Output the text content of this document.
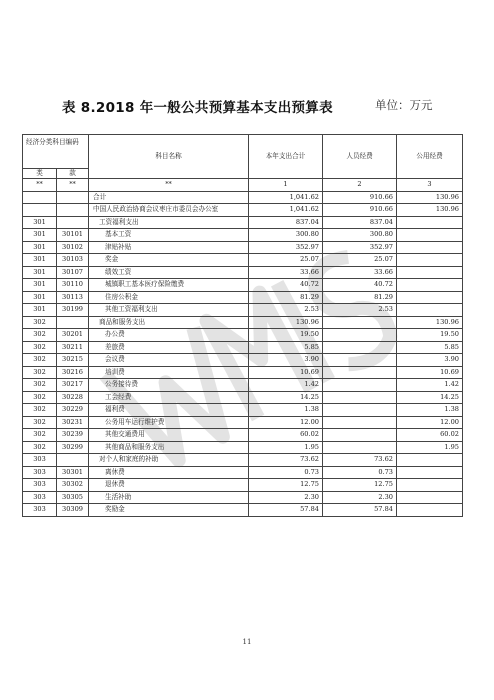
表 8.2018 年一般公共预算基本支出预算表	单位：万元
经济分类科目编码		科目名称	本年支出合计	人员经费	公用经费
类	款				
**	**	**	1	2	3
		合计	1,041.62	910.66	130.96
		中国人民政治协商会议枣庄市委员会办公室	1,041.62	910.66	130.96
301		工资福利支出	837.04	837.04	
301	30101	基本工资	300.80	300.80	
301	30102	津贴补贴	352.97	352.97	
301	30103	奖金	25.07	25.07	
301	30107	绩效工资	33.66	33.66	
301	30110	城镇职工基本医疗保险缴费	40.72	40.72	
301	30113	住房公积金	81.29	81.29	
301	30199	其他工资福利支出	2.53	2.53	
302		商品和服务支出	130.96		130.96
302	30201	办公费	19.50		19.50
302	30211	差旅费	5.85		5.85
302	30215	会议费	3.90		3.90
302	30216	培训费	10.69		10.69
302	30217	公务接待费	1.42		1.42
302	30228	工会经费	14.25		14.25
302	30229	福利费	1.38		1.38
302	30231	公务用车运行维护费	12.00		12.00
302	30239	其他交通费用	60.02		60.02
302	30299	其他商品和服务支出	1.95		1.95
303		对个人和家庭的补助	73.62	73.62	
303	30301	离休费	0.73	0.73	
303	30302	退休费	12.75	12.75	
303	30305	生活补助	2.30	2.30	
303	30309	奖励金	57.84	57.84	
11
